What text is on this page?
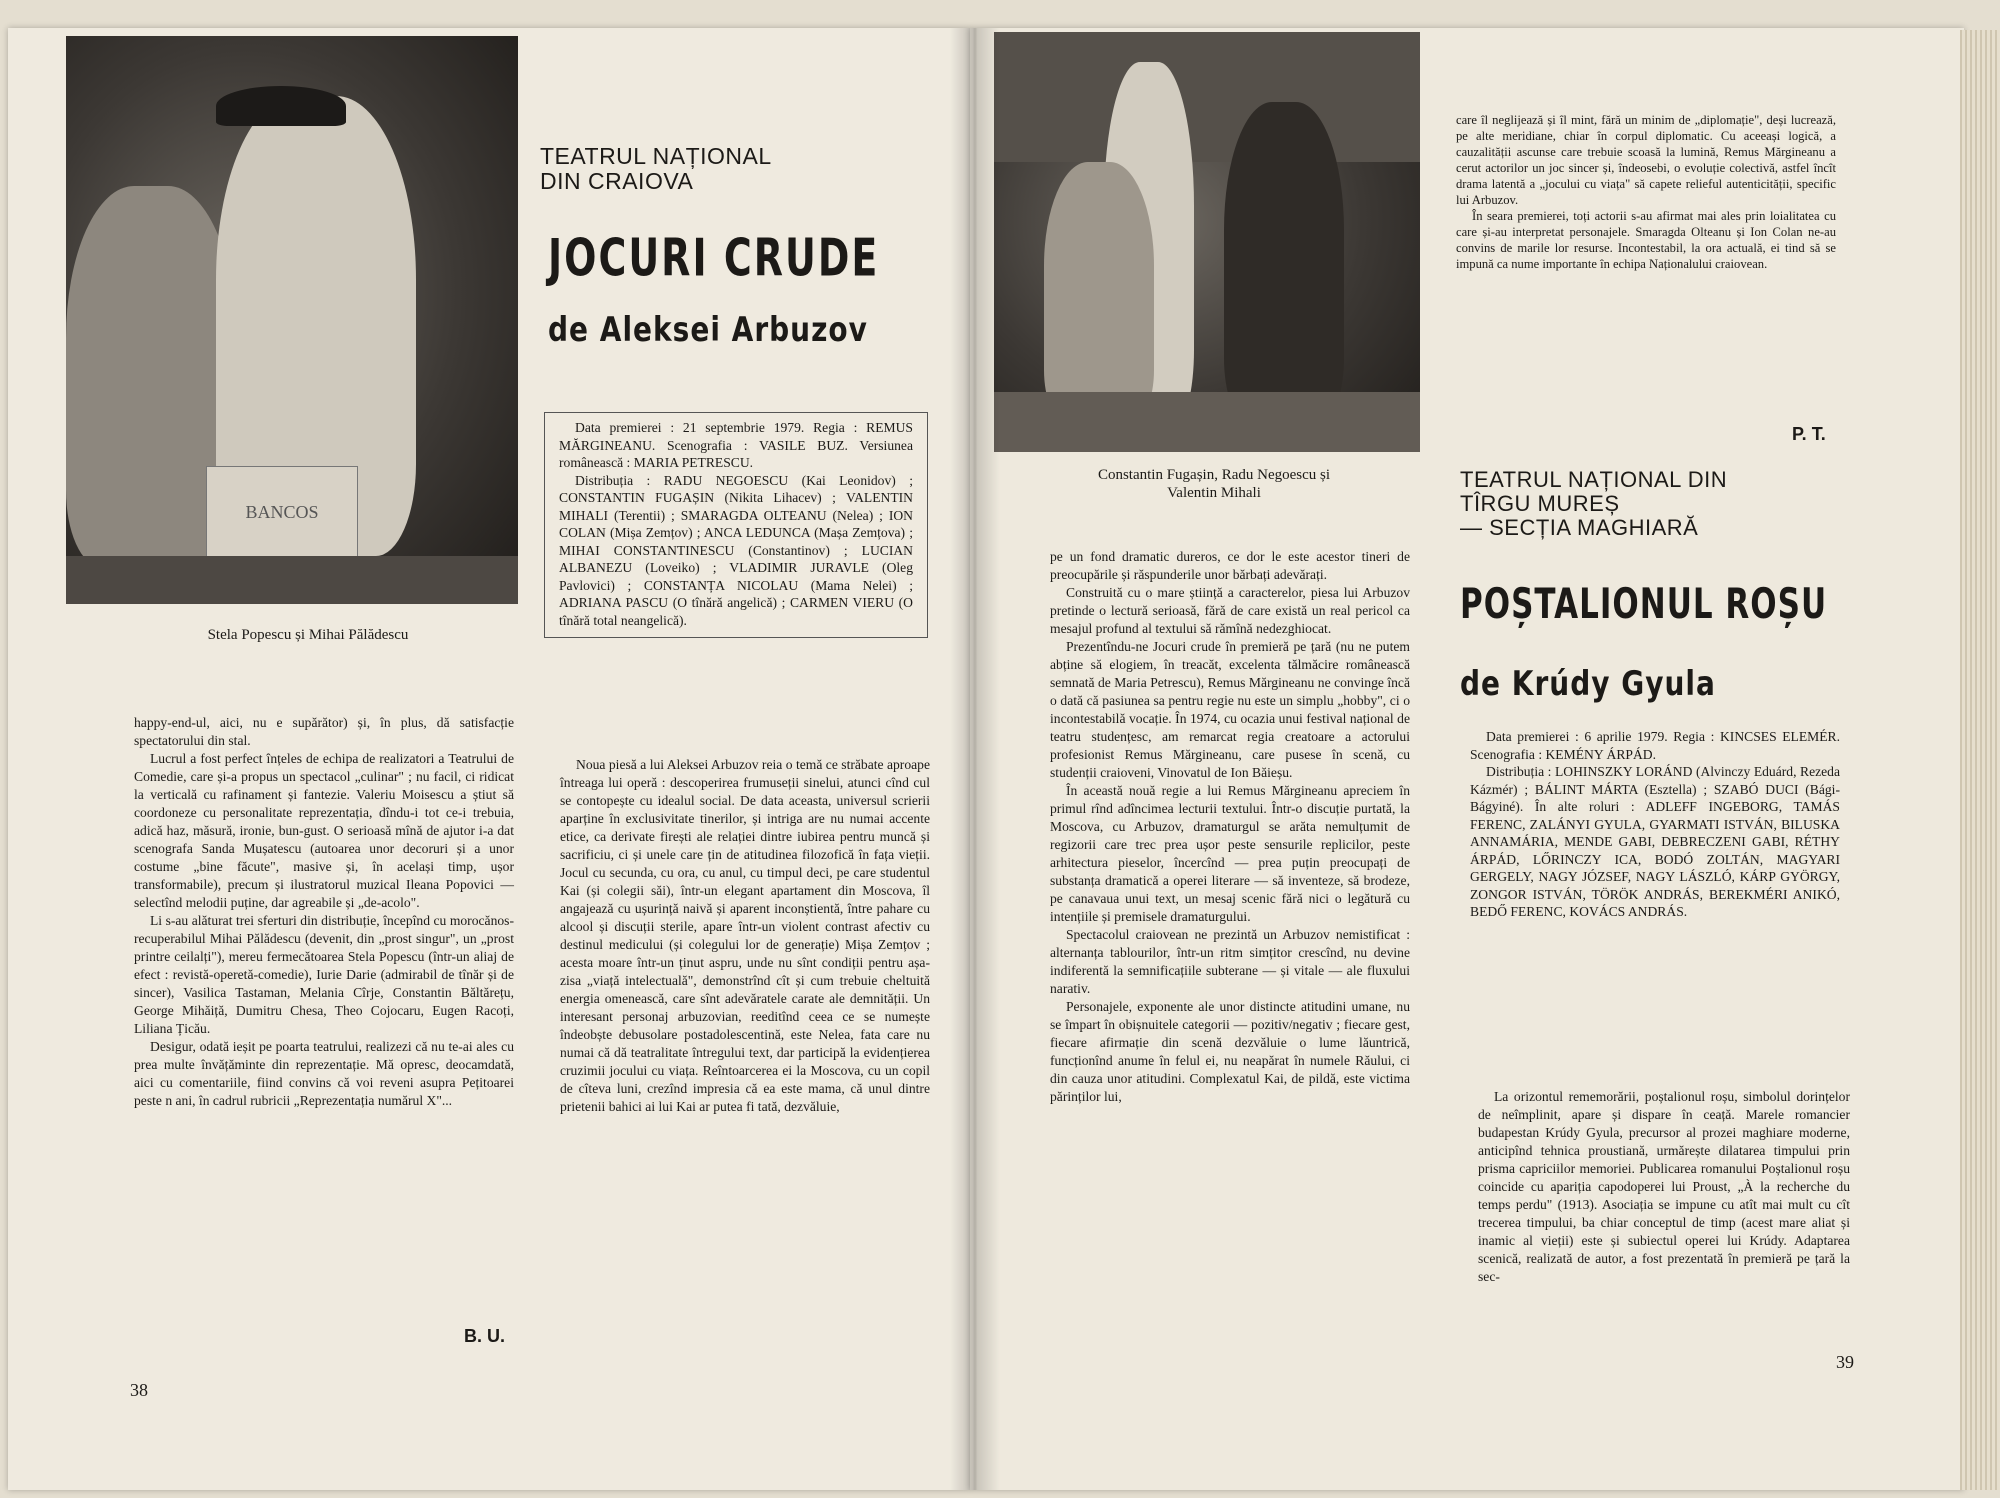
BANCOS
Stela Popescu și Mihai Pălădescu
TEATRUL NAȚIONAL
DIN CRAIOVA
JOCURI CRUDE
de Aleksei Arbuzov

Data premierei : 21 septembrie 1979. Regia : REMUS MĂRGINEANU. Scenografia : VASILE BUZ. Versiunea românească : MARIA PETRESCU.

Distribuția : RADU NEGOESCU (Kai Leonidov) ; CONSTANTIN FUGAȘIN (Nikita Lihacev) ; VALENTIN MIHALI (Terentii) ; SMARAGDA OLTEANU (Nelea) ; ION COLAN (Mișa Zemțov) ; ANCA LEDUNCA (Mașa Zemțova) ; MIHAI CONSTANTINESCU (Constantinov) ; LUCIAN ALBANEZU (Loveiko) ; VLADIMIR JURAVLE (Oleg Pavlovici) ; CONSTANȚA NICOLAU (Mama Nelei) ; ADRIANA PASCU (O tînără angelică) ; CARMEN VIERU (O tînără total neangelică).

happy-end-ul, aici, nu e supărător) și, în plus, dă satisfacție spectatorului din stal.

Lucrul a fost perfect înțeles de echipa de realizatori a Teatrului de Comedie, care și-a propus un spectacol „culinar" ; nu facil, ci ridicat la verticală cu rafinament și fantezie. Valeriu Moisescu a știut să coordoneze cu personalitate reprezentația, dîndu-i tot ce-i trebuia, adică haz, măsură, ironie, bun-gust. O serioasă mînă de ajutor i-a dat scenografa Sanda Mușatescu (autoarea unor decoruri și a unor costume „bine făcute", masive și, în același timp, ușor transformabile), precum și ilustratorul muzical Ileana Popovici — selectînd melodii puține, dar agreabile și „de-acolo".

Li s-au alăturat trei sferturi din distribuție, începînd cu morocănos-recuperabilul Mihai Pălădescu (devenit, din „prost singur", un „prost printre ceilalți"), mereu fermecătoarea Stela Popescu (într-un aliaj de efect : revistă-operetă-comedie), Iurie Darie (admirabil de tînăr și de sincer), Vasilica Tastaman, Melania Cîrje, Constantin Băltărețu, George Mihăiță, Dumitru Chesa, Theo Cojocaru, Eugen Racoți, Liliana Țicău.

Desigur, odată ieșit pe poarta teatrului, realizezi că nu te-ai ales cu prea multe învățăminte din reprezentație. Mă opresc, deocamdată, aici cu comentariile, fiind convins că voi reveni asupra Pețitoarei peste n ani, în cadrul rubricii „Reprezentația numărul X"...

B. U.

Noua piesă a lui Aleksei Arbuzov reia o temă ce străbate aproape întreaga lui operă : descoperirea frumuseții sinelui, atunci cînd cul se contopește cu idealul social. De data aceasta, universul scrierii aparține în exclusivitate tinerilor, și intriga are nu numai accente etice, ca derivate firești ale relației dintre iubirea pentru muncă și sacrificiu, ci și unele care țin de atitudinea filozofică în fața vieții. Jocul cu secunda, cu ora, cu anul, cu timpul deci, pe care studentul Kai (și colegii săi), într-un elegant apartament din Moscova, îl angajează cu ușurință naivă și aparent inconștientă, între pahare cu alcool și discuții sterile, apare într-un violent contrast afectiv cu destinul medicului (și colegului lor de generație) Mișa Zemțov ; acesta moare într-un ținut aspru, unde nu sînt condiții pentru așa-zisa „viață intelectuală", demonstrînd cît și cum trebuie cheltuită energia omenească, care sînt adevăratele carate ale demnității. Un interesant personaj arbuzovian, reeditînd ceea ce se numește îndeobște debusolare postadolescentină, este Nelea, fata care nu numai că dă teatralitate întregului text, dar participă la evidențierea cruzimii jocului cu viața. Reîntoarcerea ei la Moscova, cu un copil de cîteva luni, crezînd impresia că ea este mama, că unul dintre prietenii bahici ai lui Kai ar putea fi tată, dezvăluie,

38
Constantin Fugașin, Radu Negoescu și Valentin Mihali

pe un fond dramatic dureros, ce dor le este acestor tineri de preocupările și răspunderile unor bărbați adevărați.

Construită cu o mare știință a caracterelor, piesa lui Arbuzov pretinde o lectură serioasă, fără de care există un real pericol ca mesajul profund al textului să rămînă nedezghiocat.

Prezentîndu-ne Jocuri crude în premieră pe țară (nu ne putem abține să elogiem, în treacăt, excelenta tălmăcire românească semnată de Maria Petrescu), Remus Mărgineanu ne convinge încă o dată că pasiunea sa pentru regie nu este un simplu „hobby", ci o incontestabilă vocație. În 1974, cu ocazia unui festival național de teatru studențesc, am remarcat regia creatoare a actorului profesionist Remus Mărgineanu, care pusese în scenă, cu studenții craioveni, Vinovatul de Ion Băieșu.

În această nouă regie a lui Remus Mărgineanu apreciem în primul rînd adîncimea lecturii textului. Într-o discuție purtată, la Moscova, cu Arbuzov, dramaturgul se arăta nemulțumit de regizorii care trec prea ușor peste sensurile replicilor, peste arhitectura pieselor, încercînd — prea puțin preocupați de substanța dramatică a operei literare — să inventeze, să brodeze, pe canavaua unui text, un mesaj scenic fără nici o legătură cu intențiile și premisele dramaturgului.

Spectacolul craiovean ne prezintă un Arbuzov nemistificat : alternanța tablourilor, într-un ritm simțitor crescînd, nu devine indiferentă la semnificațiile subterane — și vitale — ale fluxului narativ.

Personajele, exponente ale unor distincte atitudini umane, nu se împart în obișnuitele categorii — pozitiv/negativ ; fiecare gest, fiecare afirmație din scenă dezvăluie o lume lăuntrică, funcționînd anume în felul ei, nu neapărat în numele Răului, ci din cauza unor atitudini. Complexatul Kai, de pildă, este victima părinților lui,

care îl neglijează și îl mint, fără un minim de „diplomație", deși lucrează, pe alte meridiane, chiar în corpul diplomatic. Cu aceeași logică, a cauzalității ascunse care trebuie scoasă la lumină, Remus Mărgineanu a cerut actorilor un joc sincer și, îndeosebi, o evoluție colectivă, astfel încît drama latentă a „jocului cu viața" să capete relieful autenticității, specific lui Arbuzov.

În seara premierei, toți actorii s-au afirmat mai ales prin loialitatea cu care și-au interpretat personajele. Smaragda Olteanu și Ion Colan ne-au convins de marile lor resurse. Incontestabil, la ora actuală, ei tind să se impună ca nume importante în echipa Naționalului craiovean.

P. T.
TEATRUL NAȚIONAL DIN
TÎRGU MUREȘ
— SECȚIA MAGHIARĂ
POȘTALIONUL ROȘU
de Krúdy Gyula

Data premierei : 6 aprilie 1979. Regia : KINCSES ELEMÉR. Scenografia : KEMÉNY ÁRPÁD.

Distribuția : LOHINSZKY LORÁND (Alvinczy Eduárd, Rezeda Kázmér) ; BÁLINT MÁRTA (Esztella) ; SZABÓ DUCI (Bági-Bágyiné). În alte roluri : ADLEFF INGEBORG, TAMÁS FERENC, ZALÁNYI GYULA, GYARMATI ISTVÁN, BILUSKA ANNAMÁRIA, MENDE GABI, DEBRECZENI GABI, RÉTHY ÁRPÁD, LŐRINCZY ICA, BODÓ ZOLTÁN, MAGYARI GERGELY, NAGY JÓZSEF, NAGY LÁSZLÓ, KÁRP GYÖRGY, ZONGOR ISTVÁN, TÖRÖK ANDRÁS, BEREKMÉRI ANIKÓ, BEDŐ FERENC, KOVÁCS ANDRÁS.

La orizontul rememorării, poștalionul roșu, simbolul dorințelor de neîmplinit, apare și dispare în ceață. Marele romancier budapestan Krúdy Gyula, precursor al prozei maghiare moderne, anticipînd tehnica proustiană, urmărește dilatarea timpului prin prisma capriciilor memoriei. Publicarea romanului Poștalionul roșu coincide cu apariția capodoperei lui Proust, „À la recherche du temps perdu" (1913). Asociația se impune cu atît mai mult cu cît trecerea timpului, ba chiar conceptul de timp (acest mare aliat și inamic al vieții) este și subiectul operei lui Krúdy. Adaptarea scenică, realizată de autor, a fost prezentată în premieră pe țară la sec-

39
